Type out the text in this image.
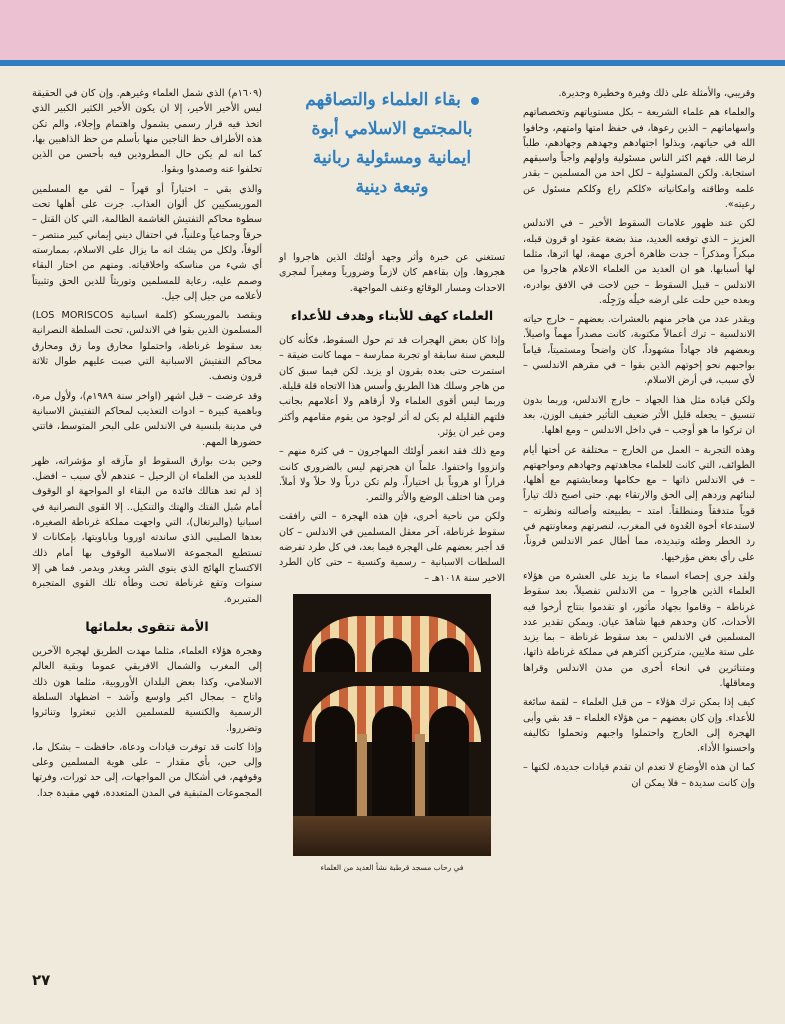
وقريبي، والأمثلة على ذلك وفيرة وخطيرة وجديرة.

والعلماء هم علماء الشريعة – بكل مستوياتهم وتخصصاتهم واسهاماتهم – الذين رعوها، في حفظ امتها وامتهم، وخافوا الله في حياتهم، وبذلوا اجتهادهم وجهدهم وجهادهم، طلباً لرضا الله. فهم اكثر الناس مسئولية واولهم واجباً واسبقهم استجابة. ولكن المسئولية – لكل احد من المسلمين – بقدر علمه وطاقته وامكانياته «كلكم راع وكلكم مسئول عن رعيته».

لكن عند ظهور علامات السقوط الأخير – في الاندلس العزيز – الذي توقعه العديد، منذ بضعة عقود او قرون قبله، مبكراً ومذكراً – جدت ظاهرة أخرى مهمة، لها اثرها، مثلما لها أسبابها. هو ان العديد من العلماء الاعلام هاجروا من الاندلس – قبيل السقوط – حين لاحت في الافق بوادره، وبعده حين حلت على ارضه خيلُه ورَجِلُه.

ويقدر عدد من هاجر منهم بالعشرات. بعضهم – خارج حياته الاندلسية – ترك أعمالاً مكتوبة، كانت مصدراً مهماً واصيلاً. وبعضهم قاد جهاداً مشهوداً، كان واضحاً ومستميتاً، قياماً بواجبهم نحو إخوتهم الذين بقوا – في مقرهم الاندلسي – لأي سبب، في أرض الاسلام.

ولكن قيادة مثل هذا الجهاد – خارج الاندلس، وربما بدون تنسيق – يجعله قليل الأثر ضعيف التأثير خفيف الوزن، بعد ان تركوا ما هو أوجب – في داخل الاندلس – ومع اهلها.

وهذه التجربة – العمل من الخارج – مختلفة عن أختها أيام الطوائف، التي كانت للعلماء مجاهدتهم وجهادهم ومواجهتهم – في الاندلس ذاتها – مع حكامها ومعايشتهم مع أهلها، لبنائهم وردهم إلى الحق والارتقاء بهم. حتى اصبح ذلك تياراً قوياً متدفقاً ومنطلقاً. امتد – بطبيعته وأصالته ونظرته – لاستدعاء أخوة العُدوة في المغرب، لنصرتهم ومعاونتهم في رد الخطر وطئه وتبديده، مما أطال عمر الاندلس قروناً، على رأي بعض مؤرخيها.

ولقد جرى إحصاء اسماء ما يزيد على العشرة من هؤلاء العلماء الذين هاجروا – من الاندلس تفصيلاً، بعد سقوط غرناطة – وقاموا بجهاد مأثور، او تقدموا بنتاج أرخوا فيه الأحداث، كان وحدهم فيها شاهدَ عيان. ويمكن تقدير عدد المسلمين في الاندلس – بعد سقوط غرناطة – بما يزيد على ستة ملايين، متركزين أكثرهم في مملكة غرناطة ذاتها، ومتناثرين في انحاء أخرى من مدن الاندلس وقراها ومعاقلها.

كيف إذا يمكن ترك هؤلاء – من قبل العلماء – لقمة سائغة للأعداء. وإن كان بعضهم – من هؤلاء العلماء – قد بقي وأبى الهجرة إلى الخارج واحتملوا واجبهم وتحملوا تكاليفه واحسنوا الأداء.

كما ان هذه الأوضاع لا تعدم ان تقدم قيادات جديدة، لكنها – وإن كانت سديدة – فلا يمكن ان

بقاء العلماء والتصاقهم
بالمجتمع الاسلامي أبوة
ايمانية ومسئولية ربانية
وتبعة دينية

تستغني عن خبرة وأثر وجهد أولئك الذين هاجروا او هجروها. وإن بقاءهم كان لازماً وضرورياً ومغيراً لمجرى الاحداث ومسار الوقائع وعنف المواجهة.

العلماء كهف للأبناء وهدف للأعداء

وإذا كان بعض الهجرات قد تم حول السقوط، فكأنه كان للبعض سنة سابقة او تجربة ممارسة – مهما كانت ضيقة – استمرت حتى بعده بقرون او يزيد. لكن فيما سبق كان من هاجر وسلك هذا الطريق وأسس هذا الاتجاه قلة قليلة. وربما ليس أقوى العلماء ولا أرقاهم ولا أعلامهم بجانب فلتهم القليلة لم يكن له أثر لوجود من يقوم مقامهم وأكثر ومن غير ان يؤثر.

ومع ذلك فقد انغمر أولئك المهاجرون – في كثرة منهم – وانزووا واختفوا. علماً ان هجرتهم ليس بالضروري كانت فراراً او هروباً بل اختياراً، ولم تكن درباً ولا حلاً ولا أملاً. ومن هنا اختلف الوضع والأثر والثمر.

ولكن من ناحية أخرى، فإن هذه الهجرة – التي رافقت سقوط غرناطة، آخر معقل المسلمين في الاندلس – كان قد أجبر بعضهم على الهجرة فيما بعد، في كل طرد تفرضه السلطات الاسبانية – رسمية وكنسية – حتى كان الطرد الاخير سنة ١٠١٨هـ –

في رحاب مسجد قرطبة نشأ العديد من العلماء

(١٦٠٩م) الذي شمل العلماء وغيرهم. وإن كان في الحقيقة ليس الأخير الأخير، إلا ان يكون الأخير الكثير الكبير الذي اتخذ فيه قرار رسمي يشمول واهتمام وإجلاء، والم تكن هذه الأطراف حظ الناجين منها بأسلم من حظ الذاهبين بها، كما انه لم يكن حال المطرودين فيه بأحسن من الذين تخلفوا عنه وصمدوا وبقوا.

والذي بقي – اختياراً أو قهراً – لقي مع المسلمين الموريسكيين كل ألوان العذاب. جرت على أهلها تحت سطوة محاكم التفتيش الغاشمة الظالمة، التي كان القتل – حرقاً وجماعياً وعلنياً، في احتفال ديني إيماني كبير منتصر – ألوفاً، ولكل من يشك انه ما يزال على الاسلام، بممارسته أي شيء من مناسكه واخلاقياته. ومنهم من اختار البقاء وصمم عليه، رعاية للمسلمين وتوريثاً للدين الحق وتثبيتاً لأعلامه من جيل إلى جيل.

ويقصد بالموريسكو (كلمة اسبانية LOS MORISCOS) المسلمون الذين بقوا في الاندلس، تحت السلطة النصرانية بعد سقوط غرناطة، واحتملوا مخارق وما زق ومحارق محاكم التفتيش الاسبانية التي صبت عليهم طوال ثلاثة قرون ونصف.

وقد عرضت – قبل اشهر (اواخر سنة ١٩٨٩م)، ولأول مرة، وباهمية كبيرة – ادوات التعذيب لمحاكم التفتيش الاسبانية في مدينة بلنسية في الاندلس على البحر المتوسط، فاتتي حضورها المهم.

وحين بدت بوارق السقوط او مآزقه او مؤشراته، ظهر للعديد من العلماء ان الرحيل – عندهم لأي سبب – افضل. إذ لم تعد هنالك فائدة من البقاء او المواجهة او الوقوف أمام سُبل الفتك والهتك والتنكيل.. إلا القوى النصرانية في اسبانيا (والبرتغال)، التي واجهت مملكة غرناطة الصغيرة، بعدها الصليبي الذي ساندته اوروبا وباباويتها، بإمكانات لا تستطيع المجموعة الاسلامية الوقوف بها أمام ذلك الاكتساح الهائج الذي ينوي الشر ويغدر ويدمر. فما هي إلا سنوات وتقع غرناطة تحت وطأة تلك القوى المتجبرة المتبربرة.

الأمة تتقوى بعلمائها

وهجرة هؤلاء العلماء، مثلما مهدت الطريق لهجرة الآخرين إلى المغرب والشمال الافريقي عموما وبقية العالم الاسلامي، وكذا بعض البلدان الأوروبية، مثلما هون ذلك واتاح – بمجال اكبر واوسع وآشد – اضطهاد السلطة الرسمية والكنسية للمسلمين الذين تبعثروا وتناثروا وتضرروا.

وإذا كانت قد توفرت قيادات ودعاة، حافظت – بشكل ما، وإلى حين، بأي مقدار – على هوية المسلمين وعلى وقوفهم، في أشكال من المواجهات، إلى حد ثورات، وفرتها المجموعات المتبقية في المدن المتعددة، فهي مفيدة جدا.

٢٧
